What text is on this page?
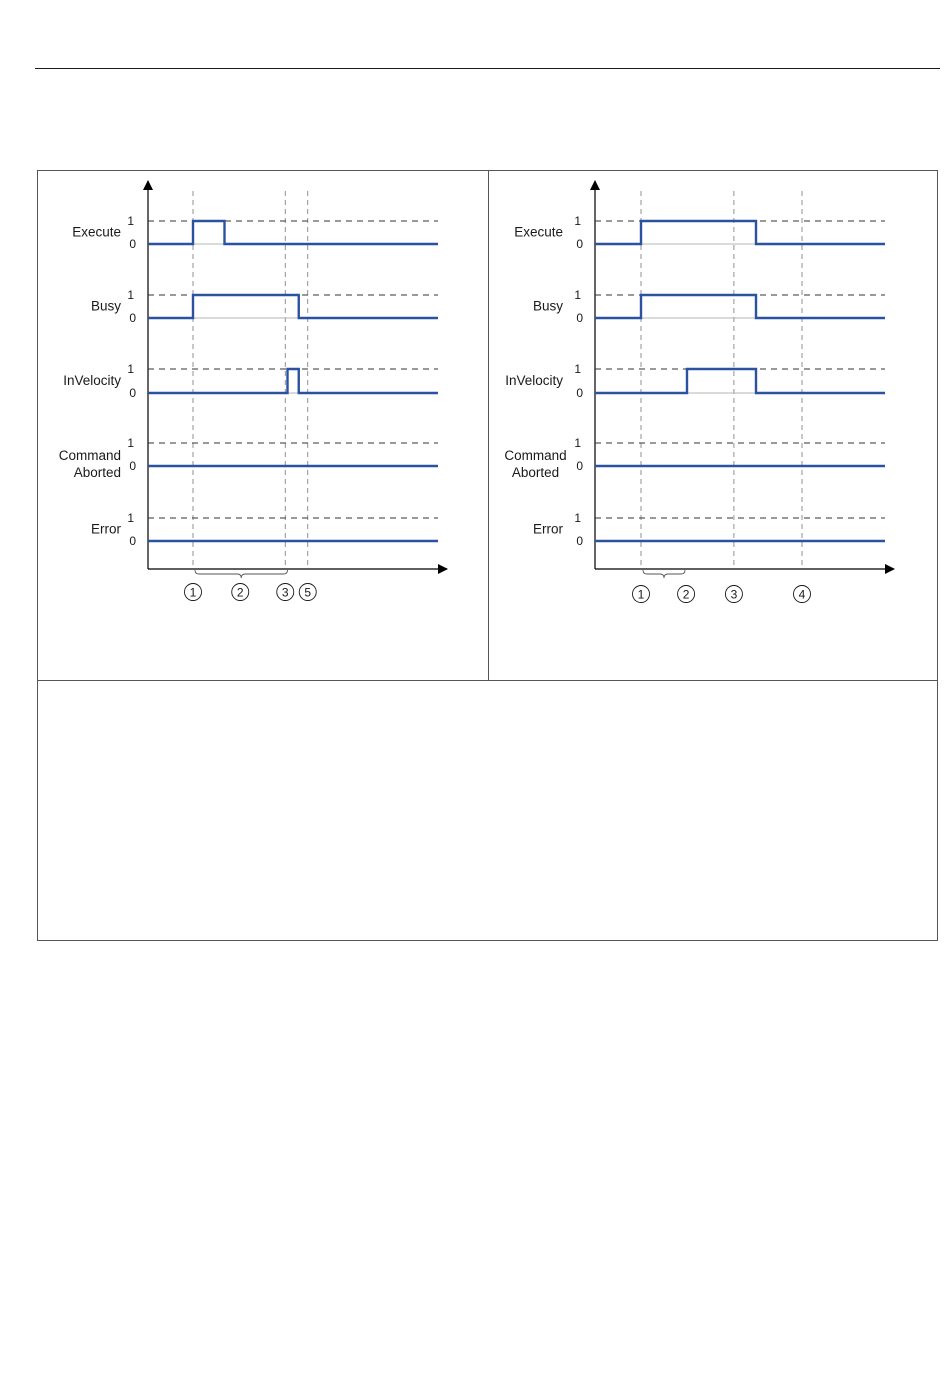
1
0
Execute
1
0
Busy
1
0
InVelocity
1
0
Command Aborted
1
0
Error
1	2	3 5
1
0
Execute
1
0
Busy
1
0
InVelocity
1
0
Command Aborted
1
0
Error
1	2	3	4
